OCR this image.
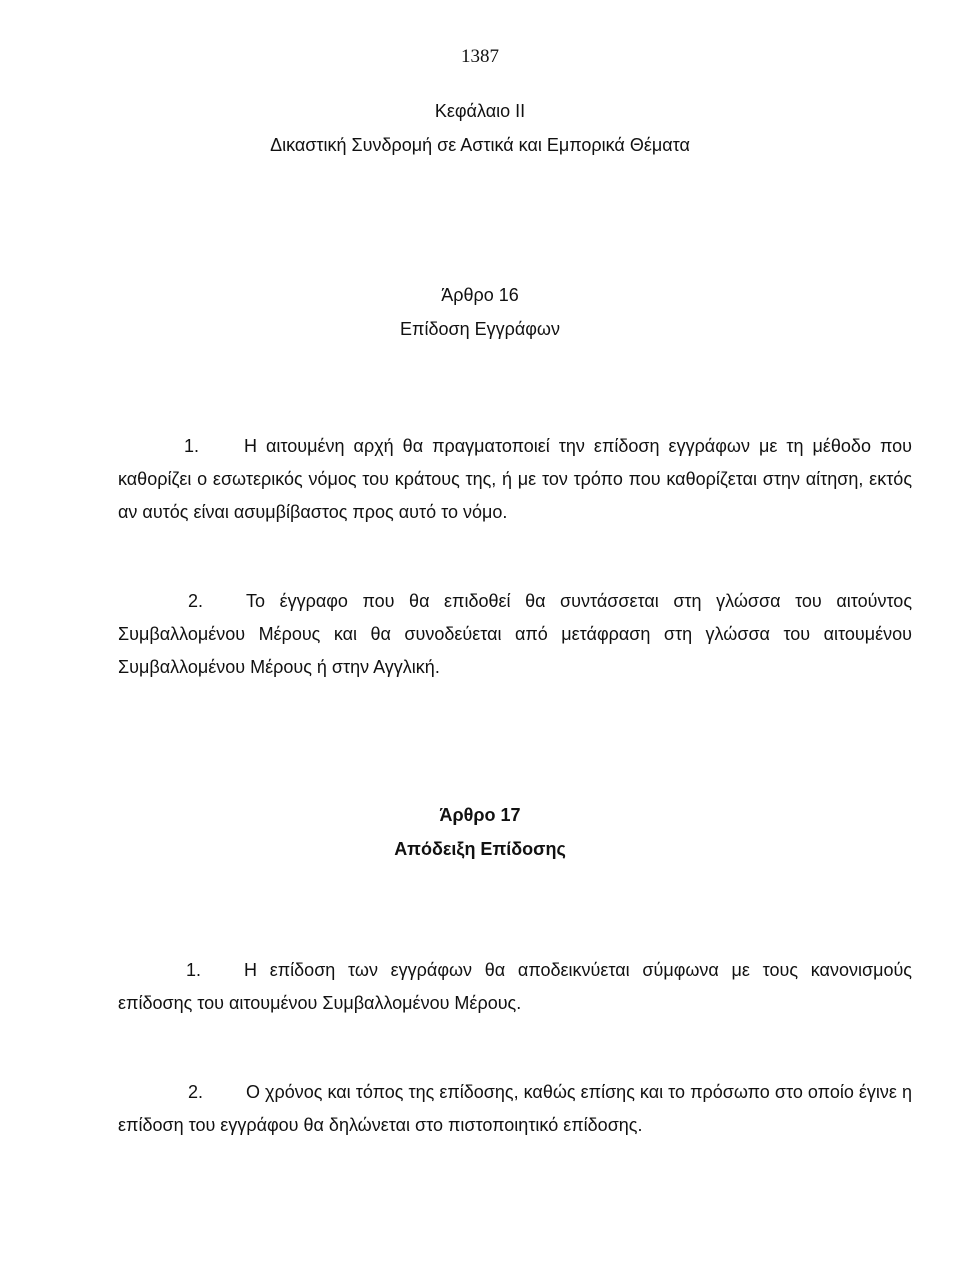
1387
Κεφάλαιο ΙΙ
Δικαστική Συνδρομή σε Αστικά και Εμπορικά Θέματα
Άρθρο 16
Επίδοση Εγγράφων

1. Η αιτουμένη αρχή θα πραγματοποιεί την επίδοση εγγράφων με τη μέθοδο που καθορίζει ο εσωτερικός νόμος του κράτους της, ή με τον τρόπο που καθορίζεται στην αίτηση, εκτός αν αυτός είναι ασυμβίβαστος προς αυτό το νόμο.

2. Το έγγραφο που θα επιδοθεί θα συντάσσεται στη γλώσσα του αιτούντος Συμβαλλομένου Μέρους και θα συνοδεύεται από μετάφραση στη γλώσσα του αιτουμένου Συμβαλλομένου Μέρους ή στην Αγγλική.

Άρθρο 17
Απόδειξη Επίδοσης

1. Η επίδοση των εγγράφων θα αποδεικνύεται σύμφωνα με τους κανονισμούς επίδοσης του αιτουμένου Συμβαλλομένου Μέρους.

2. Ο χρόνος και τόπος της επίδοσης, καθώς επίσης και το πρόσωπο στο οποίο έγινε η επίδοση του εγγράφου θα δηλώνεται στο πιστοποιητικό επίδοσης.
